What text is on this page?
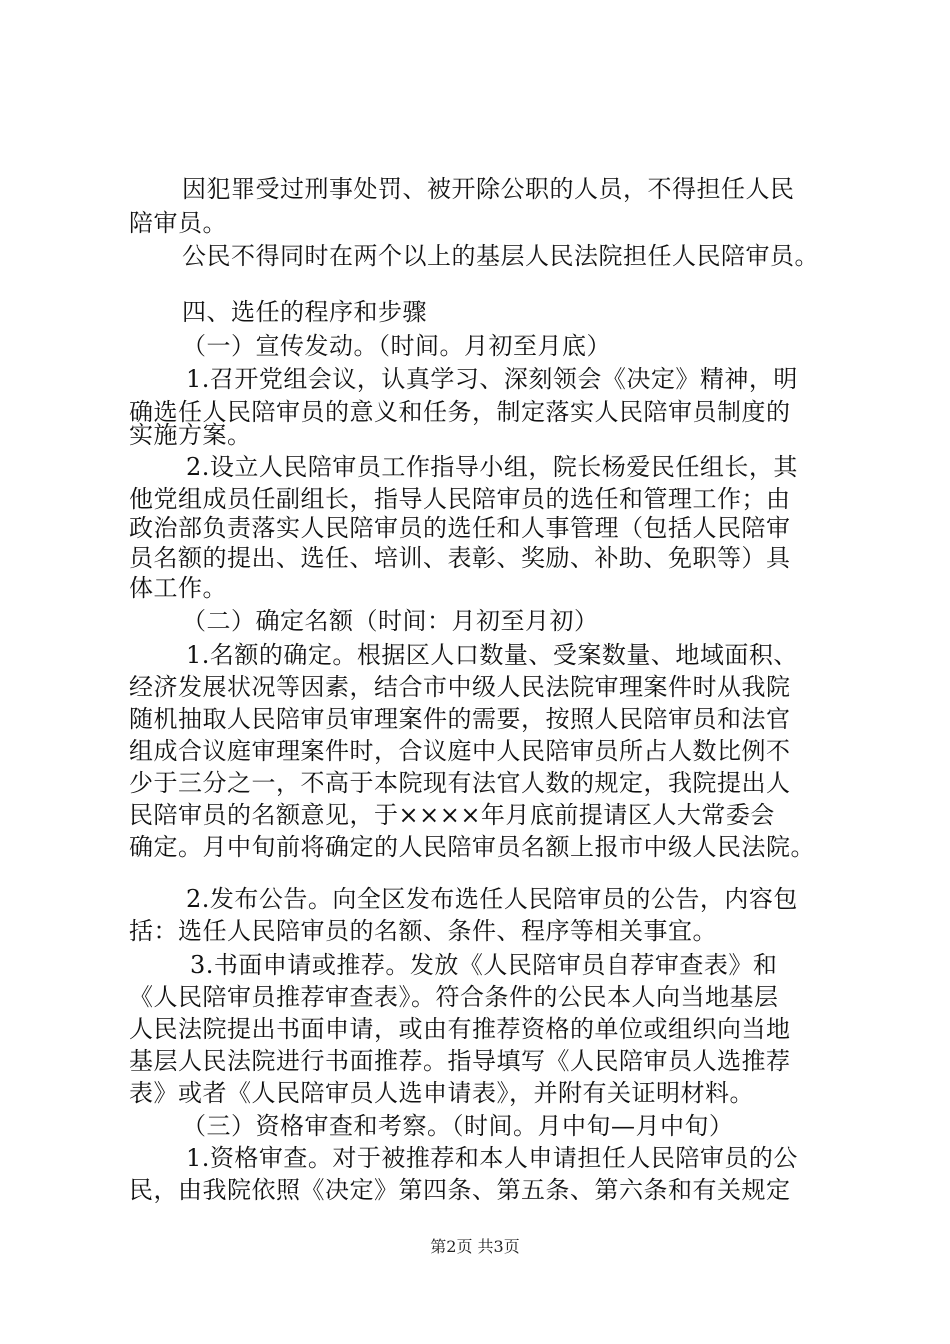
因犯罪受过刑事处罚、被开除公职的人员，不得担任人民
陪审员。
公民不得同时在两个以上的基层人民法院担任人民陪审员。
四、选任的程序和步骤
（一）宣传发动。（时间。月初至月底）
1.召开党组会议，认真学习、深刻领会《决定》精神，明
确选任人民陪审员的意义和任务，制定落实人民陪审员制度的
实施方案。
2.设立人民陪审员工作指导小组，院长杨爱民任组长，其
他党组成员任副组长，指导人民陪审员的选任和管理工作；由
政治部负责落实人民陪审员的选任和人事管理（包括人民陪审
员名额的提出、选任、培训、表彰、奖励、补助、免职等）具
体工作。
（二）确定名额（时间：月初至月初）
1.名额的确定。根据区人口数量、受案数量、地域面积、
经济发展状况等因素，结合市中级人民法院审理案件时从我院
随机抽取人民陪审员审理案件的需要，按照人民陪审员和法官
组成合议庭审理案件时，合议庭中人民陪审员所占人数比例不
少于三分之一，不高于本院现有法官人数的规定，我院提出人
民陪审员的名额意见，于××××年月底前提请区人大常委会
确定。月中旬前将确定的人民陪审员名额上报市中级人民法院。
2.发布公告。向全区发布选任人民陪审员的公告，内容包
括：选任人民陪审员的名额、条件、程序等相关事宜。
3.书面申请或推荐。发放《人民陪审员自荐审查表》和
《人民陪审员推荐审查表》。符合条件的公民本人向当地基层
人民法院提出书面申请，或由有推荐资格的单位或组织向当地
基层人民法院进行书面推荐。指导填写《人民陪审员人选推荐
表》或者《人民陪审员人选申请表》，并附有关证明材料。
（三）资格审查和考察。（时间。月中旬—月中旬）
1.资格审查。对于被推荐和本人申请担任人民陪审员的公
民，由我院依照《决定》第四条、第五条、第六条和有关规定
第2页 共3页
